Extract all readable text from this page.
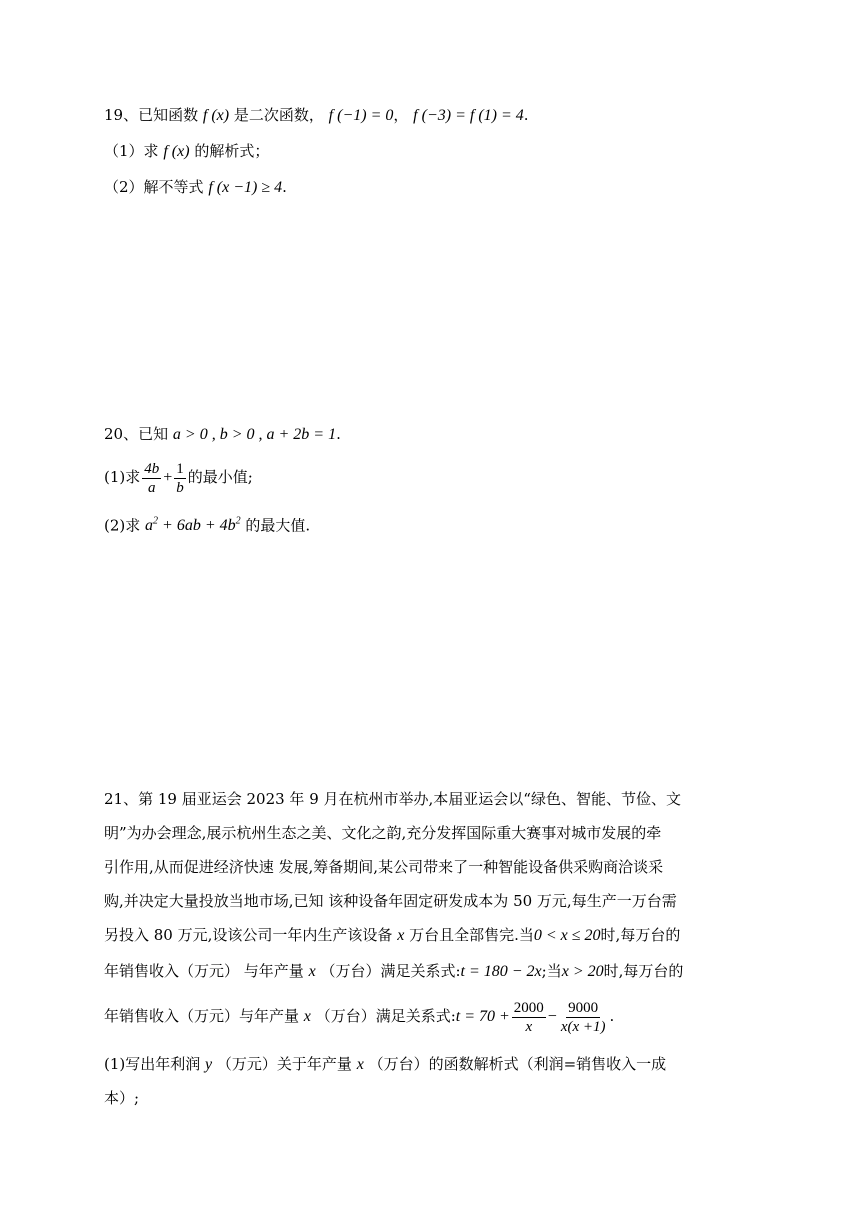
19、已知函数 f (x) 是二次函数， f (−1) = 0， f (−3) = f (1) = 4.
（1）求 f (x) 的解析式；
（2）解不等式 f (x −1) ≥ 4.
20、已知 a > 0 , b > 0 , a + 2b = 1.
(1)求 $\frac{4b}{a} + \frac{1}{b}$ 的最小值;
(2)求 $a^2 + 6ab + 4b^2$ 的最大值.
21、第 19 届亚运会 2023 年 9 月在杭州市举办,本届亚运会以“绿色、智能、节俭、文
明”为办会理念,展示杭州生态之美、文化之韵,充分发挥国际重大赛事对城市发展的牵
引作用,从而促进经济快速 发展,筹备期间,某公司带来了一种智能设备供采购商洽谈采
购,并决定大量投放当地市场,已知 该种设备年固定研发成本为 50 万元,每生产一万台需
另投入 80 万元,设该公司一年内生产该设备 x 万台且全部售完.当0 < x ≤ 20时,每万台的
年销售收入（万元） 与年产量 x （万台）满足关系式:t = 180 − 2x;当x > 20时,每万台的
年销售收入（万元）与年产量 x （万台）满足关系式:t = $70 + \frac{2000}{x} - \frac{9000}{x(x +1)}$ .
(1)写出年利润 y （万元）关于年产量 x （万台）的函数解析式（利润=销售收入一成
本）;
